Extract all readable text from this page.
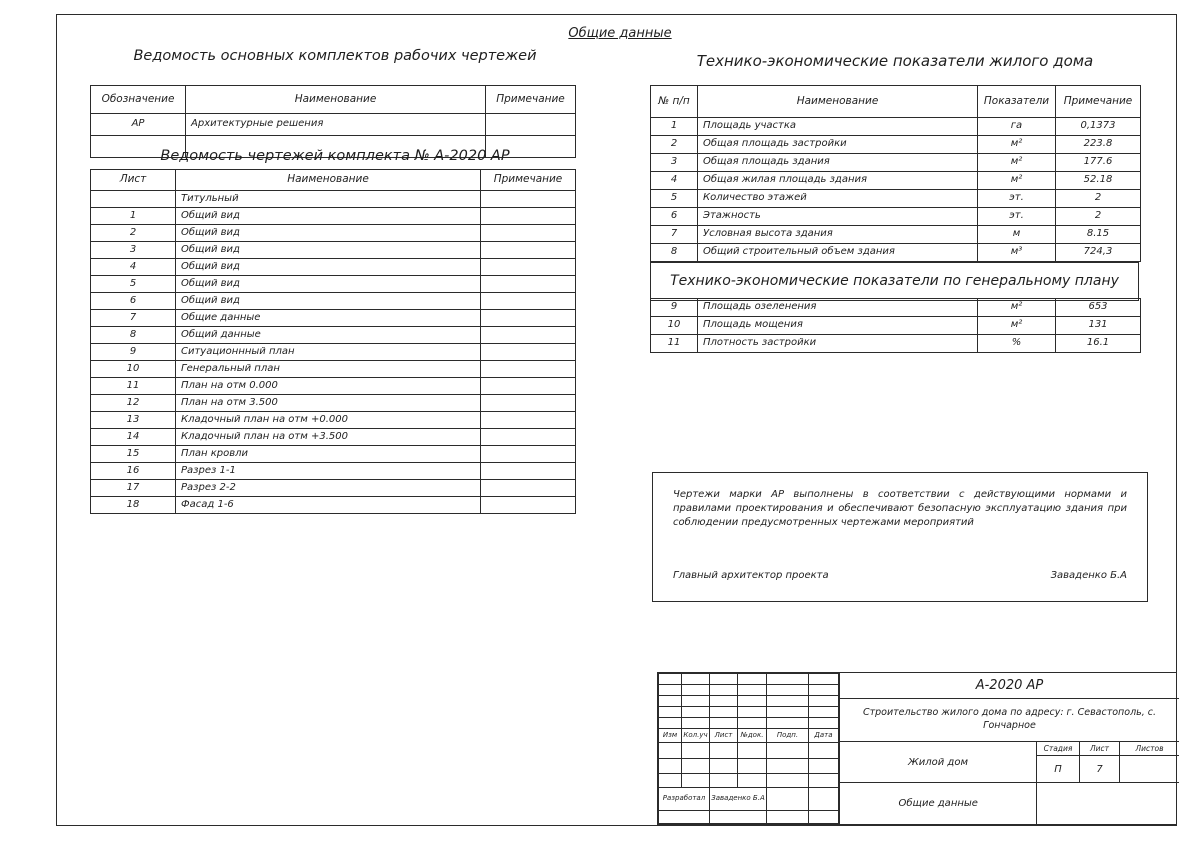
Общие данные
Ведомость основных комплектов рабочих чертежей
Обозначение	Наименование	Примечание
АР	Архитектурные решения	

Ведомость чертежей комплекта № А-2020 АР
Лист	Наименование	Примечание
	Титульный	
1	Общий вид	
2	Общий вид	
3	Общий вид	
4	Общий вид	
5	Общий вид	
6	Общий вид	
7	Общие данные	
8	Общий данные	
9	Ситуационнный план	
10	Генеральный план	
11	План на отм 0.000	
12	План на отм 3.500	
13	Кладочный план на отм +0.000	
14	Кладочный план на отм +3.500	
15	План кровли	
16	Разрез 1-1	
17	Разрез 2-2	
18	Фасад 1-6	
Технико-экономические показатели жилого дома
№ п/п	Наименование	Показатели	Примечание
1	Площадь участка	га	0,1373
2	Общая площадь застройки	м²	223.8
3	Общая площадь здания	м²	177.6
4	Общая жилая площадь здания	м²	52.18
5	Количество этажей	эт.	2
6	Этажность	эт.	2
7	Условная высота здания	м	8.15
8	Общий строительный объем здания	м³	724,3
Технико-экономические показатели по генеральному плану
9	Площадь озеленения	м²	653
10	Площадь мощения	м²	131
11	Плотность застройки	%	16.1

Чертежи марки АР выполнены в соответствии с действующими нормами и правилами проектирования и обеспечивают безопасную эксплуатацию здания при соблюдении предусмотренных чертежами мероприятий

Главный архитектор проекта	Заваденко Б.А

Изм	Кол.уч	Лист	№док.	Подп.	Дата

Разработал		Заваденко Б.А			

А-2020 АР
Строительство жилого дома по адресу: г. Севастополь, с. Гончарное
Жилой дом
Стадия	Лист	Листов
П	7
Общие данные
